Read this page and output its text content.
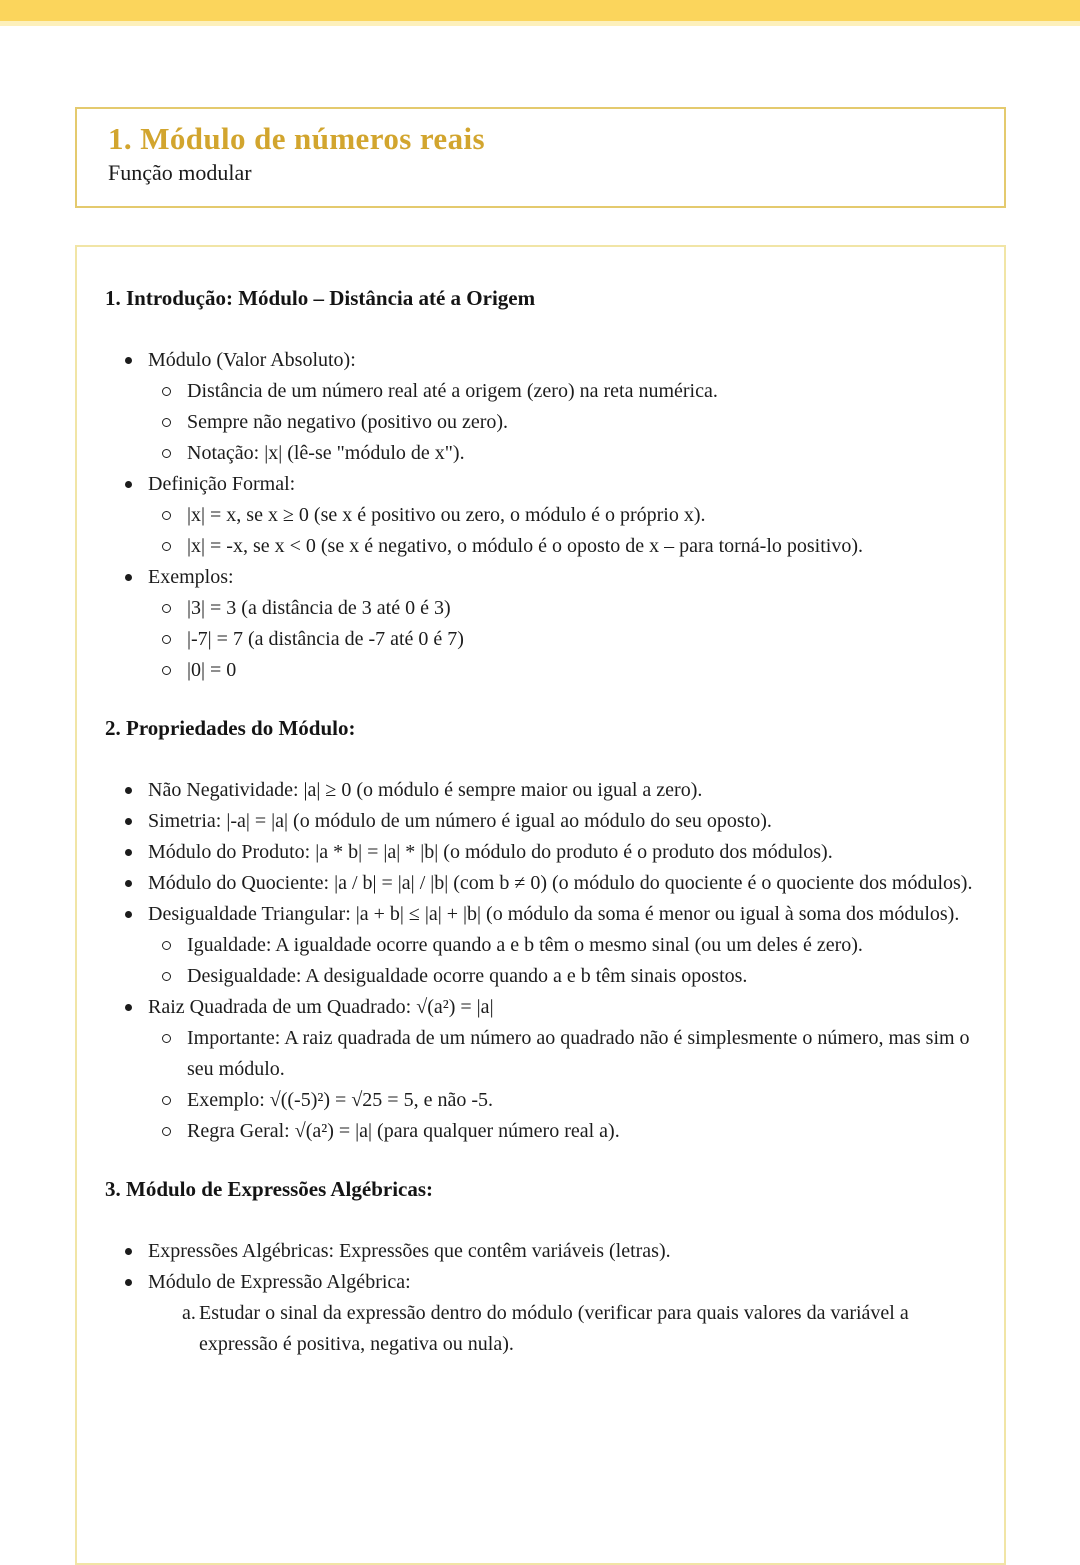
1. Módulo de números reais
Função modular
1. Introdução: Módulo – Distância até a Origem
Módulo (Valor Absoluto):
Distância de um número real até a origem (zero) na reta numérica.
Sempre não negativo (positivo ou zero).
Notação: |x| (lê-se "módulo de x").
Definição Formal:
|x| = x, se x ≥ 0 (se x é positivo ou zero, o módulo é o próprio x).
|x| = -x, se x < 0 (se x é negativo, o módulo é o oposto de x – para torná-lo positivo).
Exemplos:
|3| = 3 (a distância de 3 até 0 é 3)
|-7| = 7 (a distância de -7 até 0 é 7)
|0| = 0
2. Propriedades do Módulo:
Não Negatividade: |a| ≥ 0 (o módulo é sempre maior ou igual a zero).
Simetria: |-a| = |a| (o módulo de um número é igual ao módulo do seu oposto).
Módulo do Produto: |a * b| = |a| * |b| (o módulo do produto é o produto dos módulos).
Módulo do Quociente: |a / b| = |a| / |b| (com b ≠ 0) (o módulo do quociente é o quociente dos módulos).
Desigualdade Triangular: |a + b| ≤ |a| + |b| (o módulo da soma é menor ou igual à soma dos módulos).
Igualdade: A igualdade ocorre quando a e b têm o mesmo sinal (ou um deles é zero).
Desigualdade: A desigualdade ocorre quando a e b têm sinais opostos.
Raiz Quadrada de um Quadrado: √(a²) = |a|
Importante: A raiz quadrada de um número ao quadrado não é simplesmente o número, mas sim o seu módulo.
Exemplo: √((-5)²) = √25 = 5, e não -5.
Regra Geral: √(a²) = |a| (para qualquer número real a).
3. Módulo de Expressões Algébricas:
Expressões Algébricas: Expressões que contêm variáveis (letras).
Módulo de Expressão Algébrica:
a. Estudar o sinal da expressão dentro do módulo (verificar para quais valores da variável a expressão é positiva, negativa ou nula).
